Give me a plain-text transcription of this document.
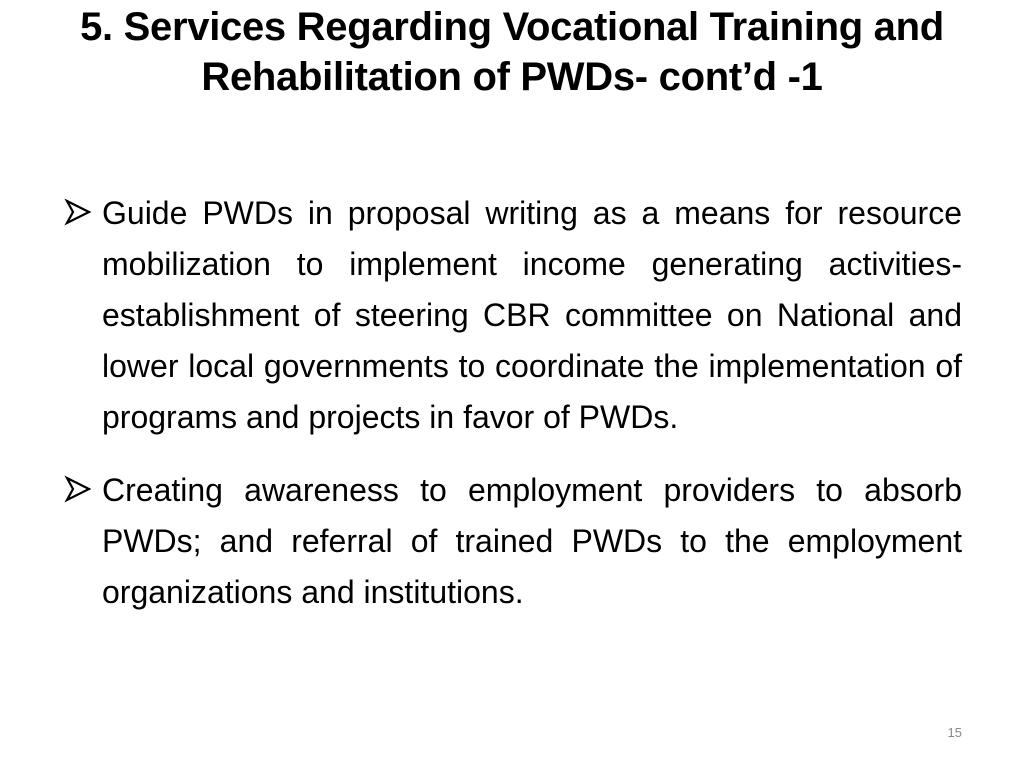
5. Services Regarding Vocational Training and Rehabilitation of PWDs- cont’d -1
Guide PWDs in proposal writing as a means for resource mobilization to implement income generating activities- establishment of steering CBR committee on National and lower local governments to coordinate the implementation of programs and projects in favor of PWDs.
Creating awareness to employment providers to absorb PWDs; and referral of trained PWDs to the employment organizations and institutions.
15
